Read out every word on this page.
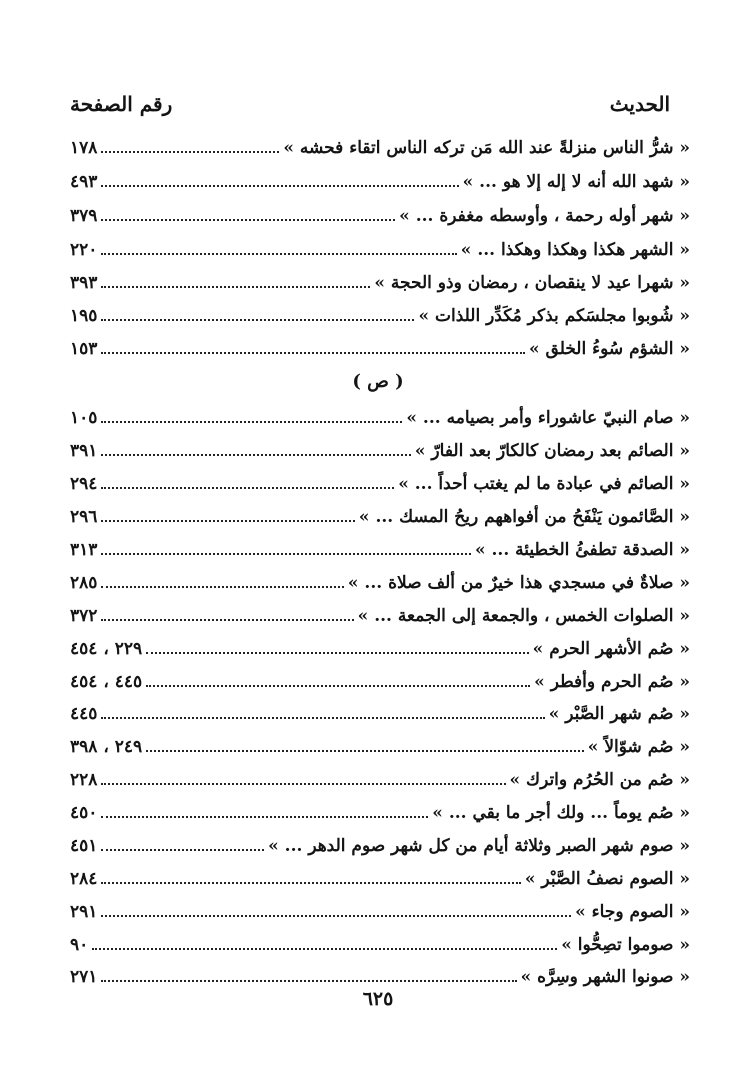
الحديث
رقم الصفحة
« شرُّ الناس منزلةً عند الله مَن تركه الناس اتقاء فحشه »
١٧٨
« شهد الله أنه لا إله إلا هو ... »
٤٩٣
« شهر أوله رحمة ، وأوسطه مغفرة ... »
٣٧٩
« الشهر هكذا وهكذا وهكذا ... »
٢٢٠
« شهرا عيد لا ينقصان ، رمضان وذو الحجة »
٣٩٣
« شُوبوا مجلسَكم بذكر مُكَدِّر اللذات »
١٩٥
« الشؤم سُوءُ الخلق »
١٥٣
( ص )
« صام النبيّ عاشوراء وأمر بصيامه ... »
١٠٥
« الصائم بعد رمضان كالكارّ بعد الفارّ »
٣٩١
« الصائم في عبادة ما لم يغتب أحداً ... »
٢٩٤
« الصَّائمون يَنْفَحُ من أفواههم ريحُ المسك ... »
٢٩٦
« الصدقة تطفئُ الخطيئة ... »
٣١٣
« صلاةٌ في مسجدي هذا خيرٌ من ألف صلاة ... »
٢٨٥
« الصلوات الخمس ، والجمعة إلى الجمعة ... »
٣٧٢
« صُم الأشهر الحرم »
٢٢٩ ، ٤٥٤
« صُم الحرم وأفطر »
٤٤٥ ، ٤٥٤
« صُم شهر الصَّبْر »
٤٤٥
« صُم شوّالاً »
٢٤٩ ، ٣٩٨
« صُم من الحُرُم واترك »
٢٢٨
« صُم يوماً ... ولك أجر ما بقي ... »
٤٥٠
« صوم شهر الصبر وثلاثة أيام من كل شهر صوم الدهر ... »
٤٥١
« الصوم نصفُ الصَّبْر »
٢٨٤
« الصوم وجاء »
٢٩١
« صوموا تصِحُّوا »
٩٠
« صونوا الشهر وسِرَّه »
٢٧١
٦٢٥
